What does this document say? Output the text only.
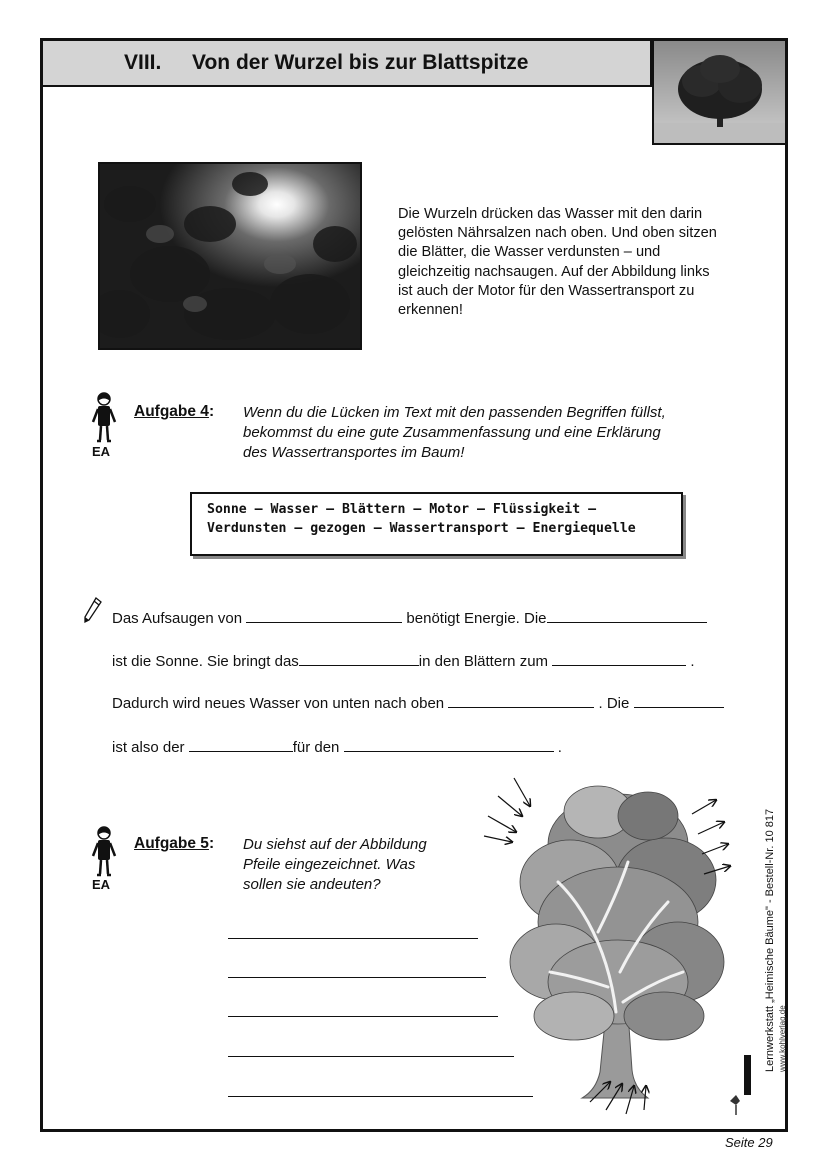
VIII. Von der Wurzel bis zur Blattspitze
Die Wurzeln drücken das Wasser mit den darin gelösten Nährsalzen nach oben. Und oben sitzen die Blätter, die Wasser verdunsten – und gleichzeitig nachsaugen. Auf der Abbildung links ist auch der Motor für den Wassertransport zu erkennen!
EA
Aufgabe 4: Wenn du die Lücken im Text mit den passenden Begriffen füllst,
bekommst du eine gute Zusammenfassung und eine Erklärung
des Wassertransportes im Baum!
Sonne – Wasser – Blättern – Motor – Flüssigkeit –
Verdunsten – gezogen – Wassertransport – Energiequelle
Das Aufsaugen von	benötigt Energie. Die
ist die Sonne. Sie bringt das	in den Blättern zum	.
Dadurch wird neues Wasser von unten nach oben	. Die
ist also der	für den	.
EA
Aufgabe 5: Du siehst auf der Abbildung
Pfeile eingezeichnet. Was
sollen sie andeuten?	Lernwerkstatt „Heimische Bäume" - Bestell-Nr. 10 817 www.kohlverlag.de
Seite 29
